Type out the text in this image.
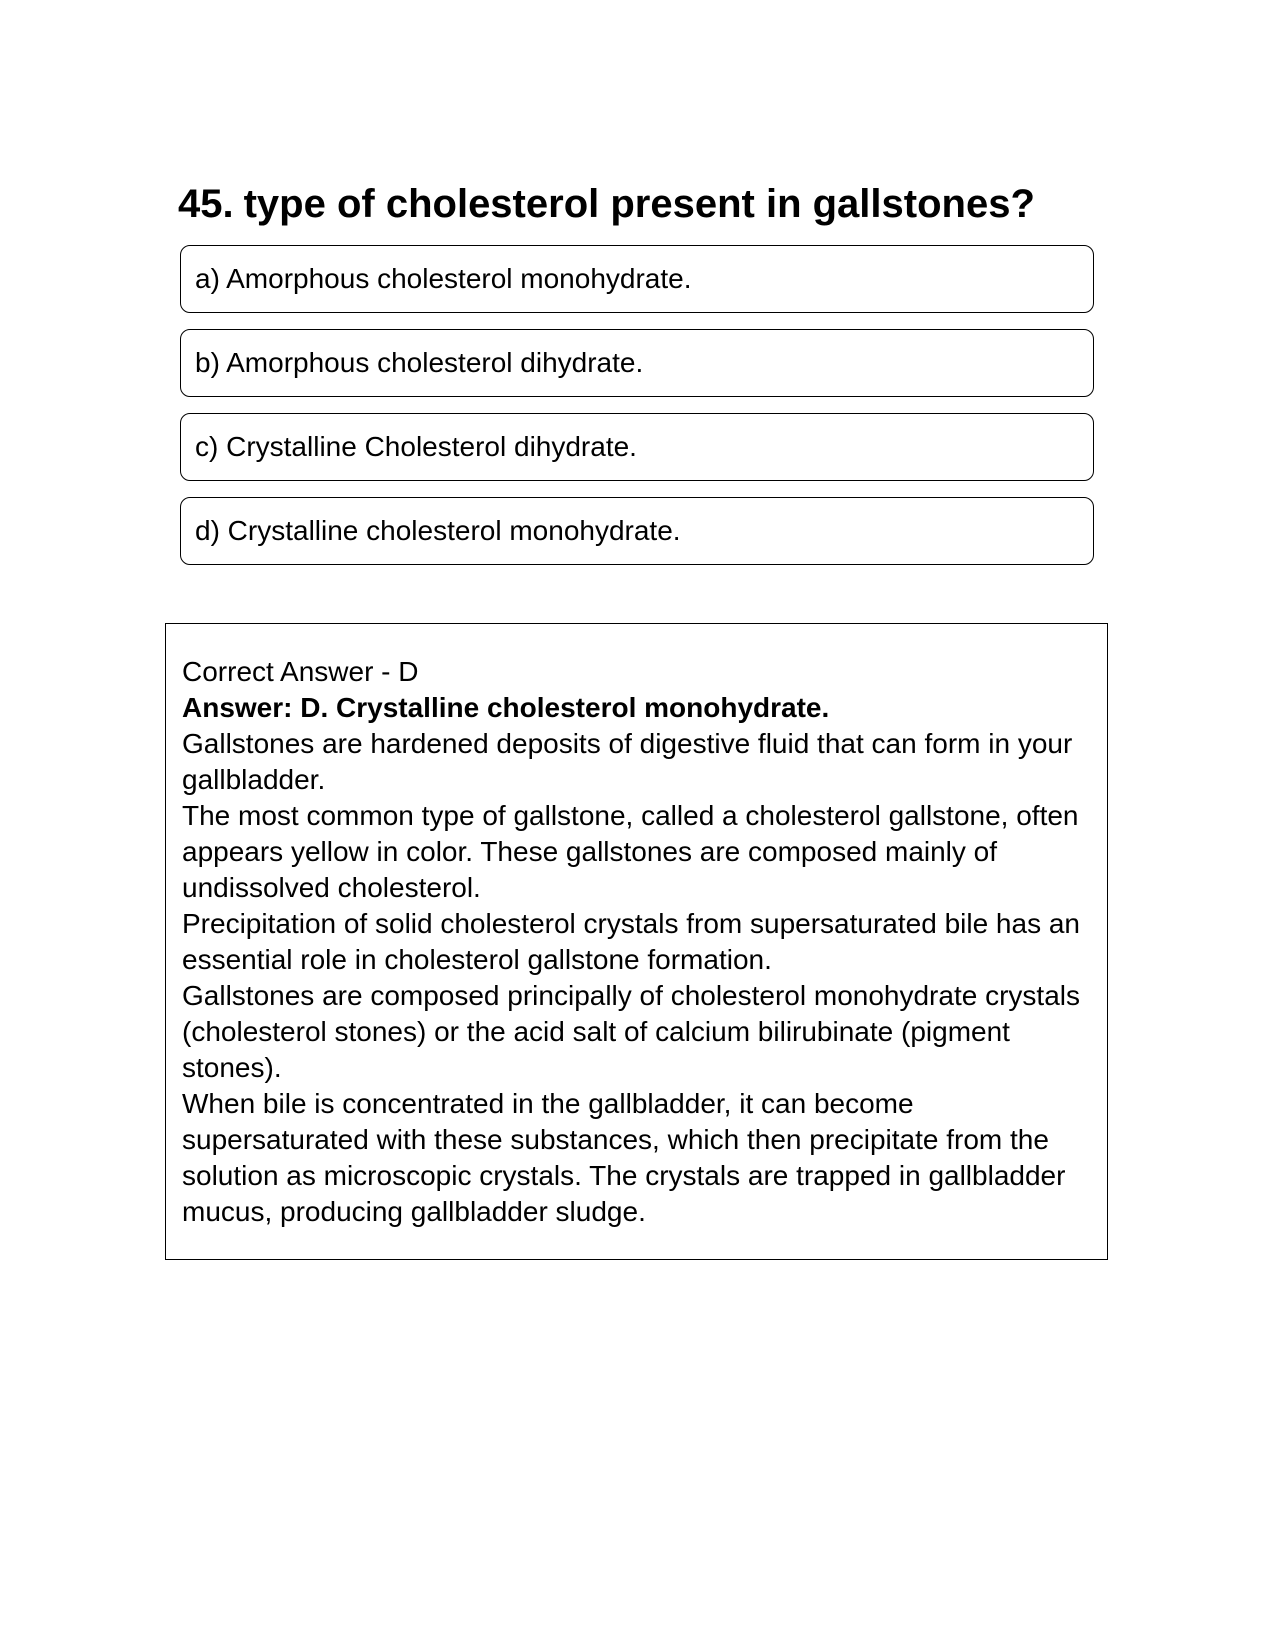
45. type of cholesterol present in gallstones?
a) Amorphous cholesterol monohydrate.
b) Amorphous cholesterol dihydrate.
c) Crystalline Cholesterol dihydrate.
d) Crystalline cholesterol monohydrate.

Correct Answer - D

Answer: D. Crystalline cholesterol monohydrate.

Gallstones are hardened deposits of digestive fluid that can form in your gallbladder.

The most common type of gallstone, called a cholesterol gallstone, often appears yellow in color. These gallstones are composed mainly of undissolved cholesterol.

Precipitation of solid cholesterol crystals from supersaturated bile has an essential role in cholesterol gallstone formation.

Gallstones are composed principally of cholesterol monohydrate crystals (cholesterol stones) or the acid salt of calcium bilirubinate (pigment stones).

When bile is concentrated in the gallbladder, it can become supersaturated with these substances, which then precipitate from the solution as microscopic crystals. The crystals are trapped in gallbladder mucus, producing gallbladder sludge.
